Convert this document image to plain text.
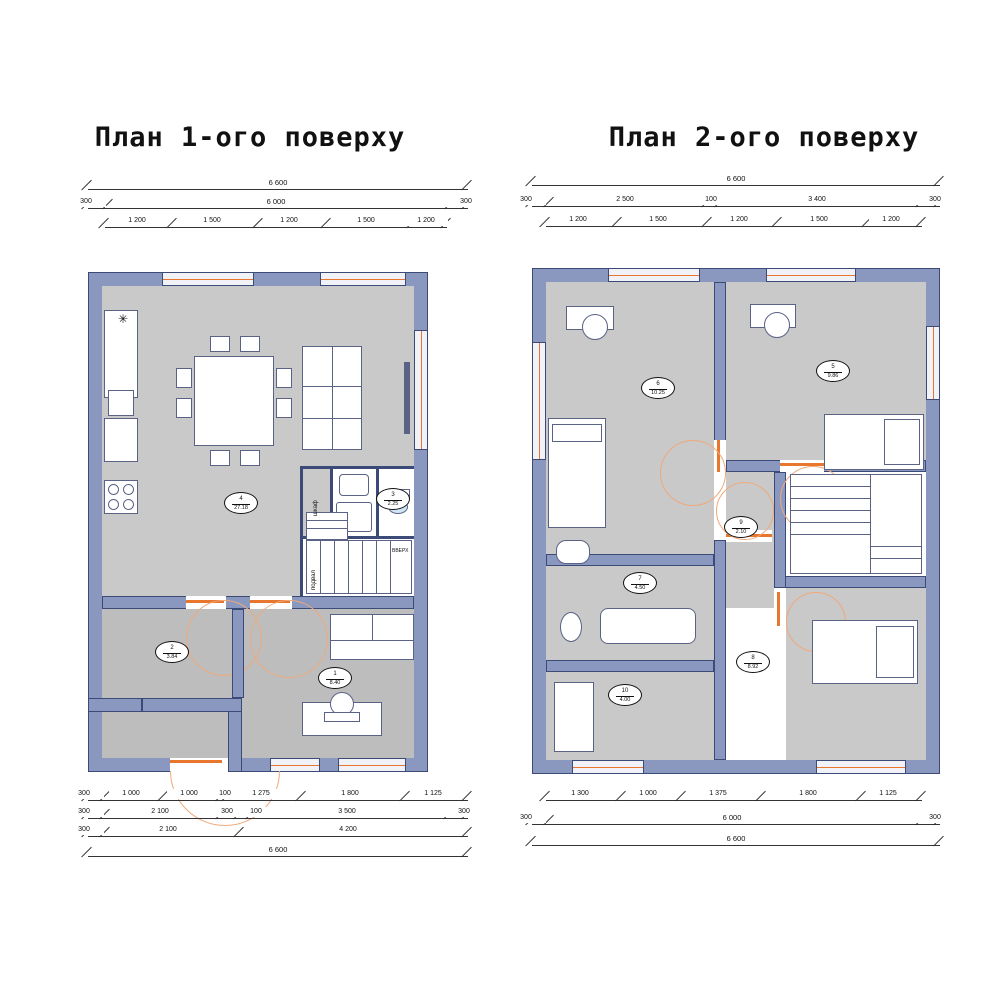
План 1-ого поверху
6 600
300	6 000	300
1 200	1 500	1 200	1 500	1 200
ВВЕРХ
шкаф
подвал
✳
4
27.18
3
2.25
2
3.84
1
8.40
300	1 000	1 000	100	1 275	1 800	1 125
300	2 100	300	100	3 500	300
300	2 100	4 200
6 600
План 2-ого поверху
6 600
300	2 500	100	3 400	300
1 200	1 500	1 200	1 500	1 200
6
10.25
5
9.86
9
2.10
7
4.50
8
8.92
10
4.00
1 300	1 000	1 375	1 800	1 125
300	6 000	300
6 600
